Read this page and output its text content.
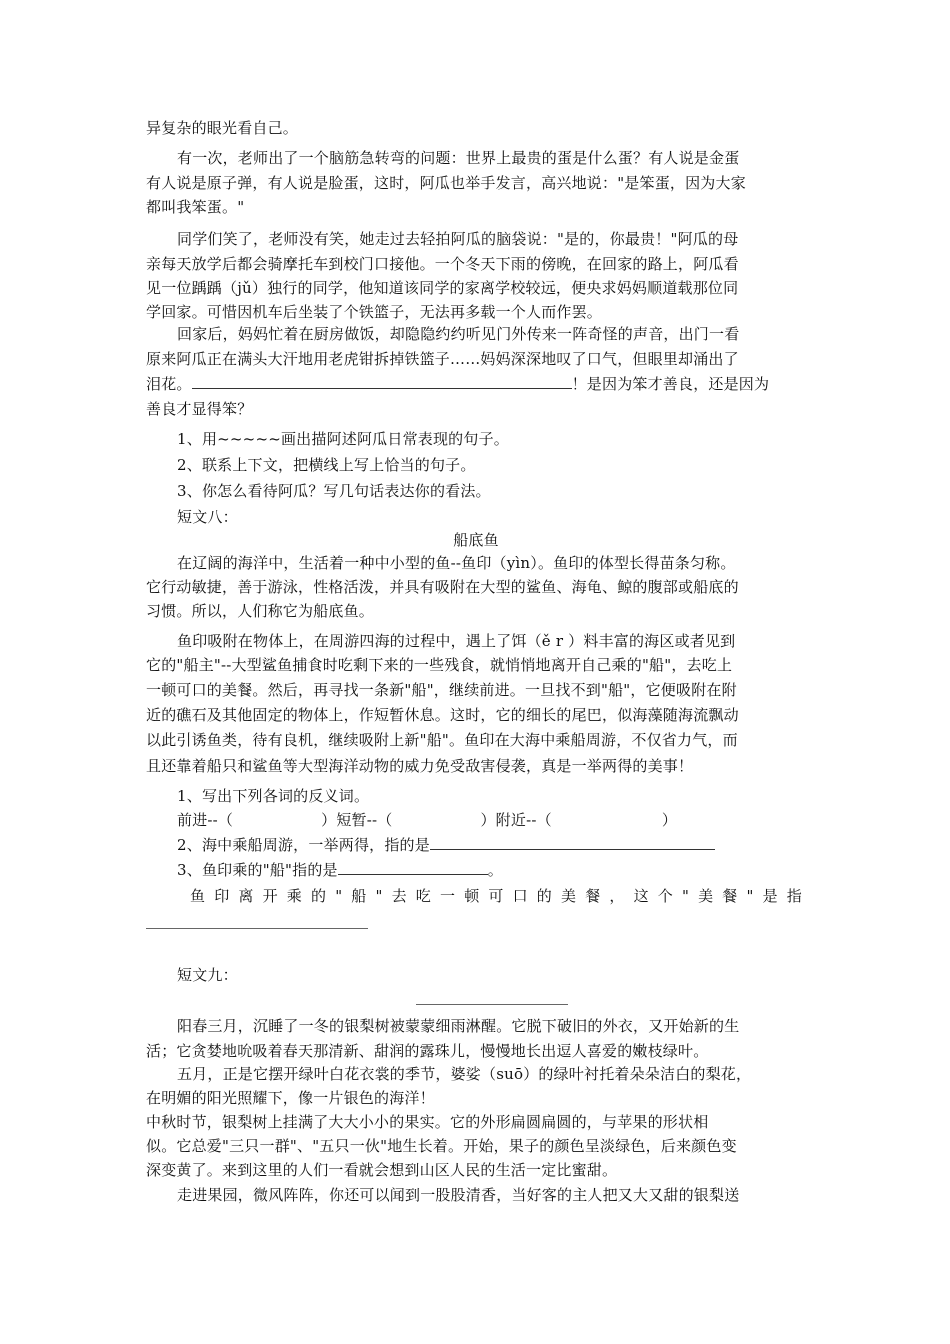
异复杂的眼光看自己。
有一次，老师出了一个脑筋急转弯的问题：世界上最贵的蛋是什么蛋？有人说是金蛋
有人说是原子弹，有人说是脸蛋，这时，阿瓜也举手发言，高兴地说："是笨蛋，因为大家
都叫我笨蛋。"
同学们笑了，老师没有笑，她走过去轻拍阿瓜的脑袋说："是的，你最贵！"阿瓜的母
亲每天放学后都会骑摩托车到校门口接他。一个冬天下雨的傍晚，在回家的路上，阿瓜看
见一位踽踽（jǔ）独行的同学，他知道该同学的家离学校较远，便央求妈妈顺道载那位同
学回家。可惜因机车后坐装了个铁篮子，无法再多载一个人而作罢。
回家后，妈妈忙着在厨房做饭，却隐隐约约听见门外传来一阵奇怪的声音，出门一看
原来阿瓜正在满头大汗地用老虎钳拆掉铁篮子……妈妈深深地叹了口气，但眼里却涌出了
泪花。	！是因为笨才善良，还是因为
善良才显得笨？
1、用~~~~~画出描阿述阿瓜日常表现的句子。
2、联系上下文，把横线上写上恰当的句子。
3、你怎么看待阿瓜？写几句话表达你的看法。
短文八：
船底鱼
在辽阔的海洋中，生活着一种中小型的鱼--鱼印（yìn）。鱼印的体型长得苗条匀称。
它行动敏捷，善于游泳，性格活泼，并具有吸附在大型的鲨鱼、海龟、鲸的腹部或船底的
习惯。所以，人们称它为船底鱼。
鱼印吸附在物体上，在周游四海的过程中，遇上了饵（ě r ）料丰富的海区或者见到
它的"船主"--大型鲨鱼捕食时吃剩下来的一些残食，就悄悄地离开自己乘的"船"，去吃上
一顿可口的美餐。然后，再寻找一条新"船"，继续前进。一旦找不到"船"，它便吸附在附
近的礁石及其他固定的物体上，作短暂休息。这时，它的细长的尾巴，似海藻随海流飘动
以此引诱鱼类，待有良机，继续吸附上新"船"。鱼印在大海中乘船周游，不仅省力气，而
且还靠着船只和鲨鱼等大型海洋动物的威力免受敌害侵袭，真是一举两得的美事！
1、写出下列各词的反义词。
前进--（	）短暂--（	）附近--（	）
2、海中乘船周游，一举两得，指的是
3、鱼印乘的"船"指的是	。
鱼印离开乘的"船"去吃一顿可口的美餐，这个"美餐"是指
短文九：
阳春三月，沉睡了一冬的银梨树被蒙蒙细雨淋醒。它脱下破旧的外衣，又开始新的生
活；它贪婪地吮吸着春天那清新、甜润的露珠儿，慢慢地长出逗人喜爱的嫩枝绿叶。
五月，正是它摆开绿叶白花衣裳的季节，婆娑（suō）的绿叶衬托着朵朵洁白的梨花，
在明媚的阳光照耀下，像一片银色的海洋！
中秋时节，银梨树上挂满了大大小小的果实。它的外形扁圆扁圆的，与苹果的形状相
似。它总爱"三只一群"、"五只一伙"地生长着。开始，果子的颜色呈淡绿色，后来颜色变
深变黄了。来到这里的人们一看就会想到山区人民的生活一定比蜜甜。
走进果园，微风阵阵，你还可以闻到一股股清香，当好客的主人把又大又甜的银梨送
